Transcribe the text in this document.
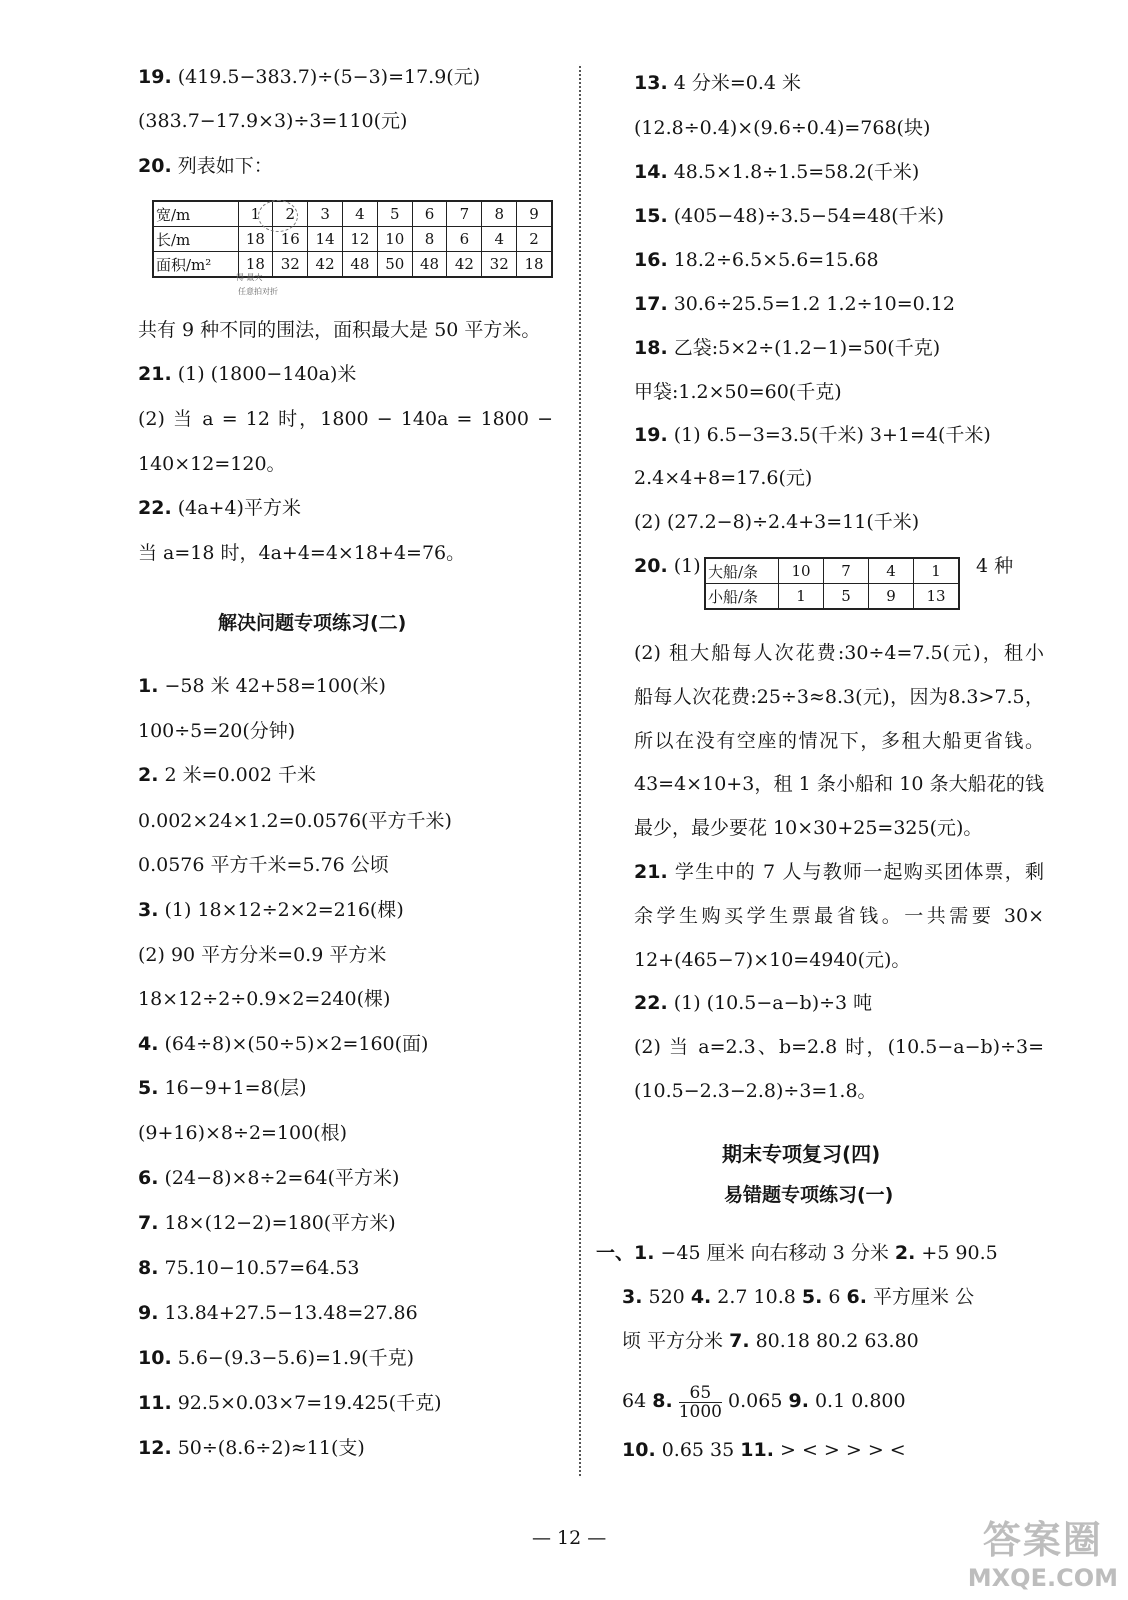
19. (419.5−383.7)÷(5−3)=17.9(元)
(383.7−17.9×3)÷3=110(元)
20. 列表如下：
宽/m	1	2	3	4	5	6	7	8	9
长/m	18	16	14	12	10	8	6	4	2
面积/m²	18	32	42	48	50	48	42	32	18
得 最大
任意拍对折
共有 9 种不同的围法，面积最大是 50 平方米。
21. (1) (1800−140a)米
(2) 当 a = 12 时，1800 − 140a = 1800 −
140×12=120。
22. (4a+4)平方米
当 a=18 时，4a+4=4×18+4=76。
解决问题专项练习(二)
1. −58 米 42+58=100(米)
100÷5=20(分钟)
2. 2 米=0.002 千米
0.002×24×1.2=0.0576(平方千米)
0.0576 平方千米=5.76 公顷
3. (1) 18×12÷2×2=216(棵)
(2) 90 平方分米=0.9 平方米
18×12÷2÷0.9×2=240(棵)
4. (64÷8)×(50÷5)×2=160(面)
5. 16−9+1=8(层)
(9+16)×8÷2=100(根)
6. (24−8)×8÷2=64(平方米)
7. 18×(12−2)=180(平方米)
8. 75.10−10.57=64.53
9. 13.84+27.5−13.48=27.86
10. 5.6−(9.3−5.6)=1.9(千克)
11. 92.5×0.03×7=19.425(千克)
12. 50÷(8.6÷2)≈11(支)
13. 4 分米=0.4 米
(12.8÷0.4)×(9.6÷0.4)=768(块)
14. 48.5×1.8÷1.5=58.2(千米)
15. (405−48)÷3.5−54=48(千米)
16. 18.2÷6.5×5.6=15.68
17. 30.6÷25.5=1.2 1.2÷10=0.12
18. 乙袋:5×2÷(1.2−1)=50(千克)
甲袋:1.2×50=60(千克)
19. (1) 6.5−3=3.5(千米) 3+1=4(千米)
2.4×4+8=17.6(元)
(2) (27.2−8)÷2.4+3=11(千米)
20. (1) 大船/条	10	7	4	1
小船/条	1	5	9	13
4 种
(2) 租大船每人次花费:30÷4=7.5(元)，租小
船每人次花费:25÷3≈8.3(元)，因为8.3>7.5，
所以在没有空座的情况下，多租大船更省钱。
43=4×10+3，租 1 条小船和 10 条大船花的钱
最少，最少要花 10×30+25=325(元)。
21. 学生中的 7 人与教师一起购买团体票，剩
余学生购买学生票最省钱。一共需要 30×
12+(465−7)×10=4940(元)。
22. (1) (10.5−a−b)÷3 吨
(2) 当 a=2.3、b=2.8 时，(10.5−a−b)÷3=
(10.5−2.3−2.8)÷3=1.8。
期末专项复习(四)
易错题专项练习(一)
一、1. −45 厘米 向右移动 3 分米 2. +5 90.5
3. 520 4. 2.7 10.8 5. 6 6. 平方厘米 公
顷 平方分米 7. 80.18 80.2 63.80
64 8. $\frac{65}{1000} 0.065$ 9. 0.1 0.800
10. 0.65 35 11. > < > > > <
— 12 —	答案圈
MXQE.COM
